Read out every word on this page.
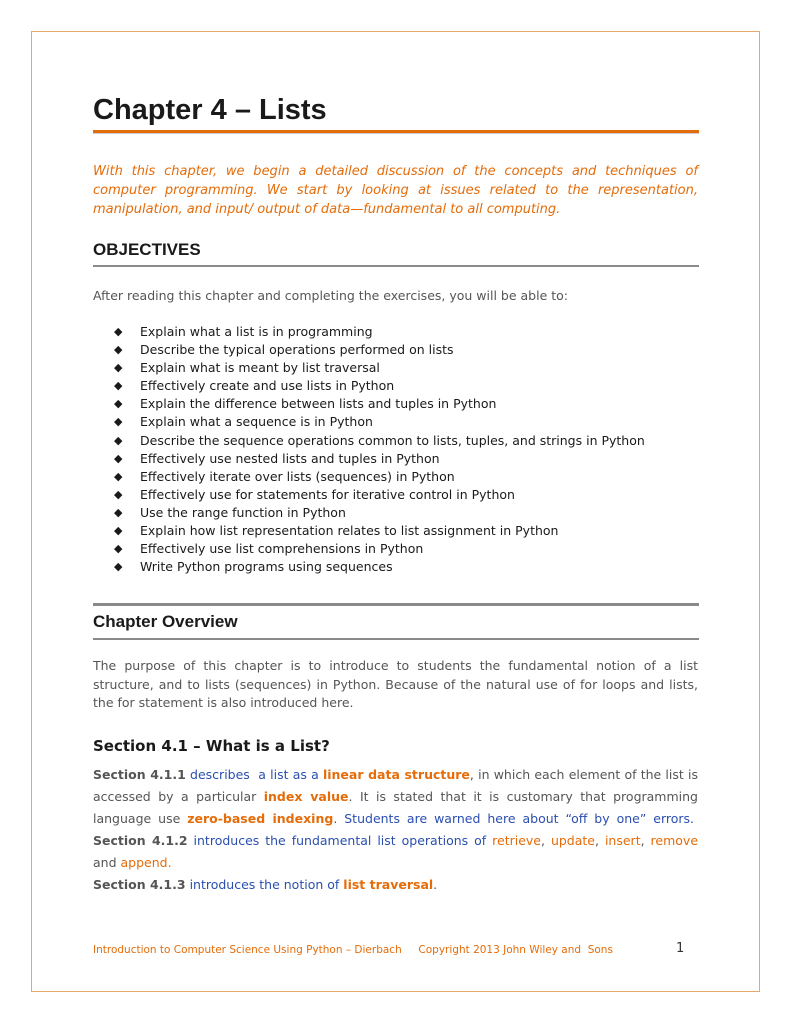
Chapter 4 – Lists

With this chapter, we begin a detailed discussion of the concepts and techniques of computer programming. We start by looking at issues related to the representation, manipulation, and input/ output of data—fundamental to all computing.

OBJECTIVES

After reading this chapter and completing the exercises, you will be able to:

◆ Explain what a list is in programming
◆ Describe the typical operations performed on lists
◆ Explain what is meant by list traversal
◆ Effectively create and use lists in Python
◆ Explain the difference between lists and tuples in Python
◆ Explain what a sequence is in Python
◆ Describe the sequence operations common to lists, tuples, and strings in Python
◆ Effectively use nested lists and tuples in Python
◆ Effectively iterate over lists (sequences) in Python
◆ Effectively use for statements for iterative control in Python
◆ Use the range function in Python
◆ Explain how list representation relates to list assignment in Python
◆ Effectively use list comprehensions in Python
◆ Write Python programs using sequences
Chapter Overview

The purpose of this chapter is to introduce to students the fundamental notion of a list structure, and to lists (sequences) in Python. Because of the natural use of for loops and lists, the for statement is also introduced here.

Section 4.1 – What is a List?

Section 4.1.1 describes a list as a linear data structure, in which each element of the list is accessed by a particular index value. It is stated that it is customary that programming language use zero-based indexing. Students are warned here about “off by one” errors.  Section 4.1.2 introduces the fundamental list operations of retrieve, update, insert, remove and append.
Section 4.1.3 introduces the notion of list traversal.

Introduction to Computer Science Using Python – Dierbach     Copyright 2013 John Wiley and  Sons	1
